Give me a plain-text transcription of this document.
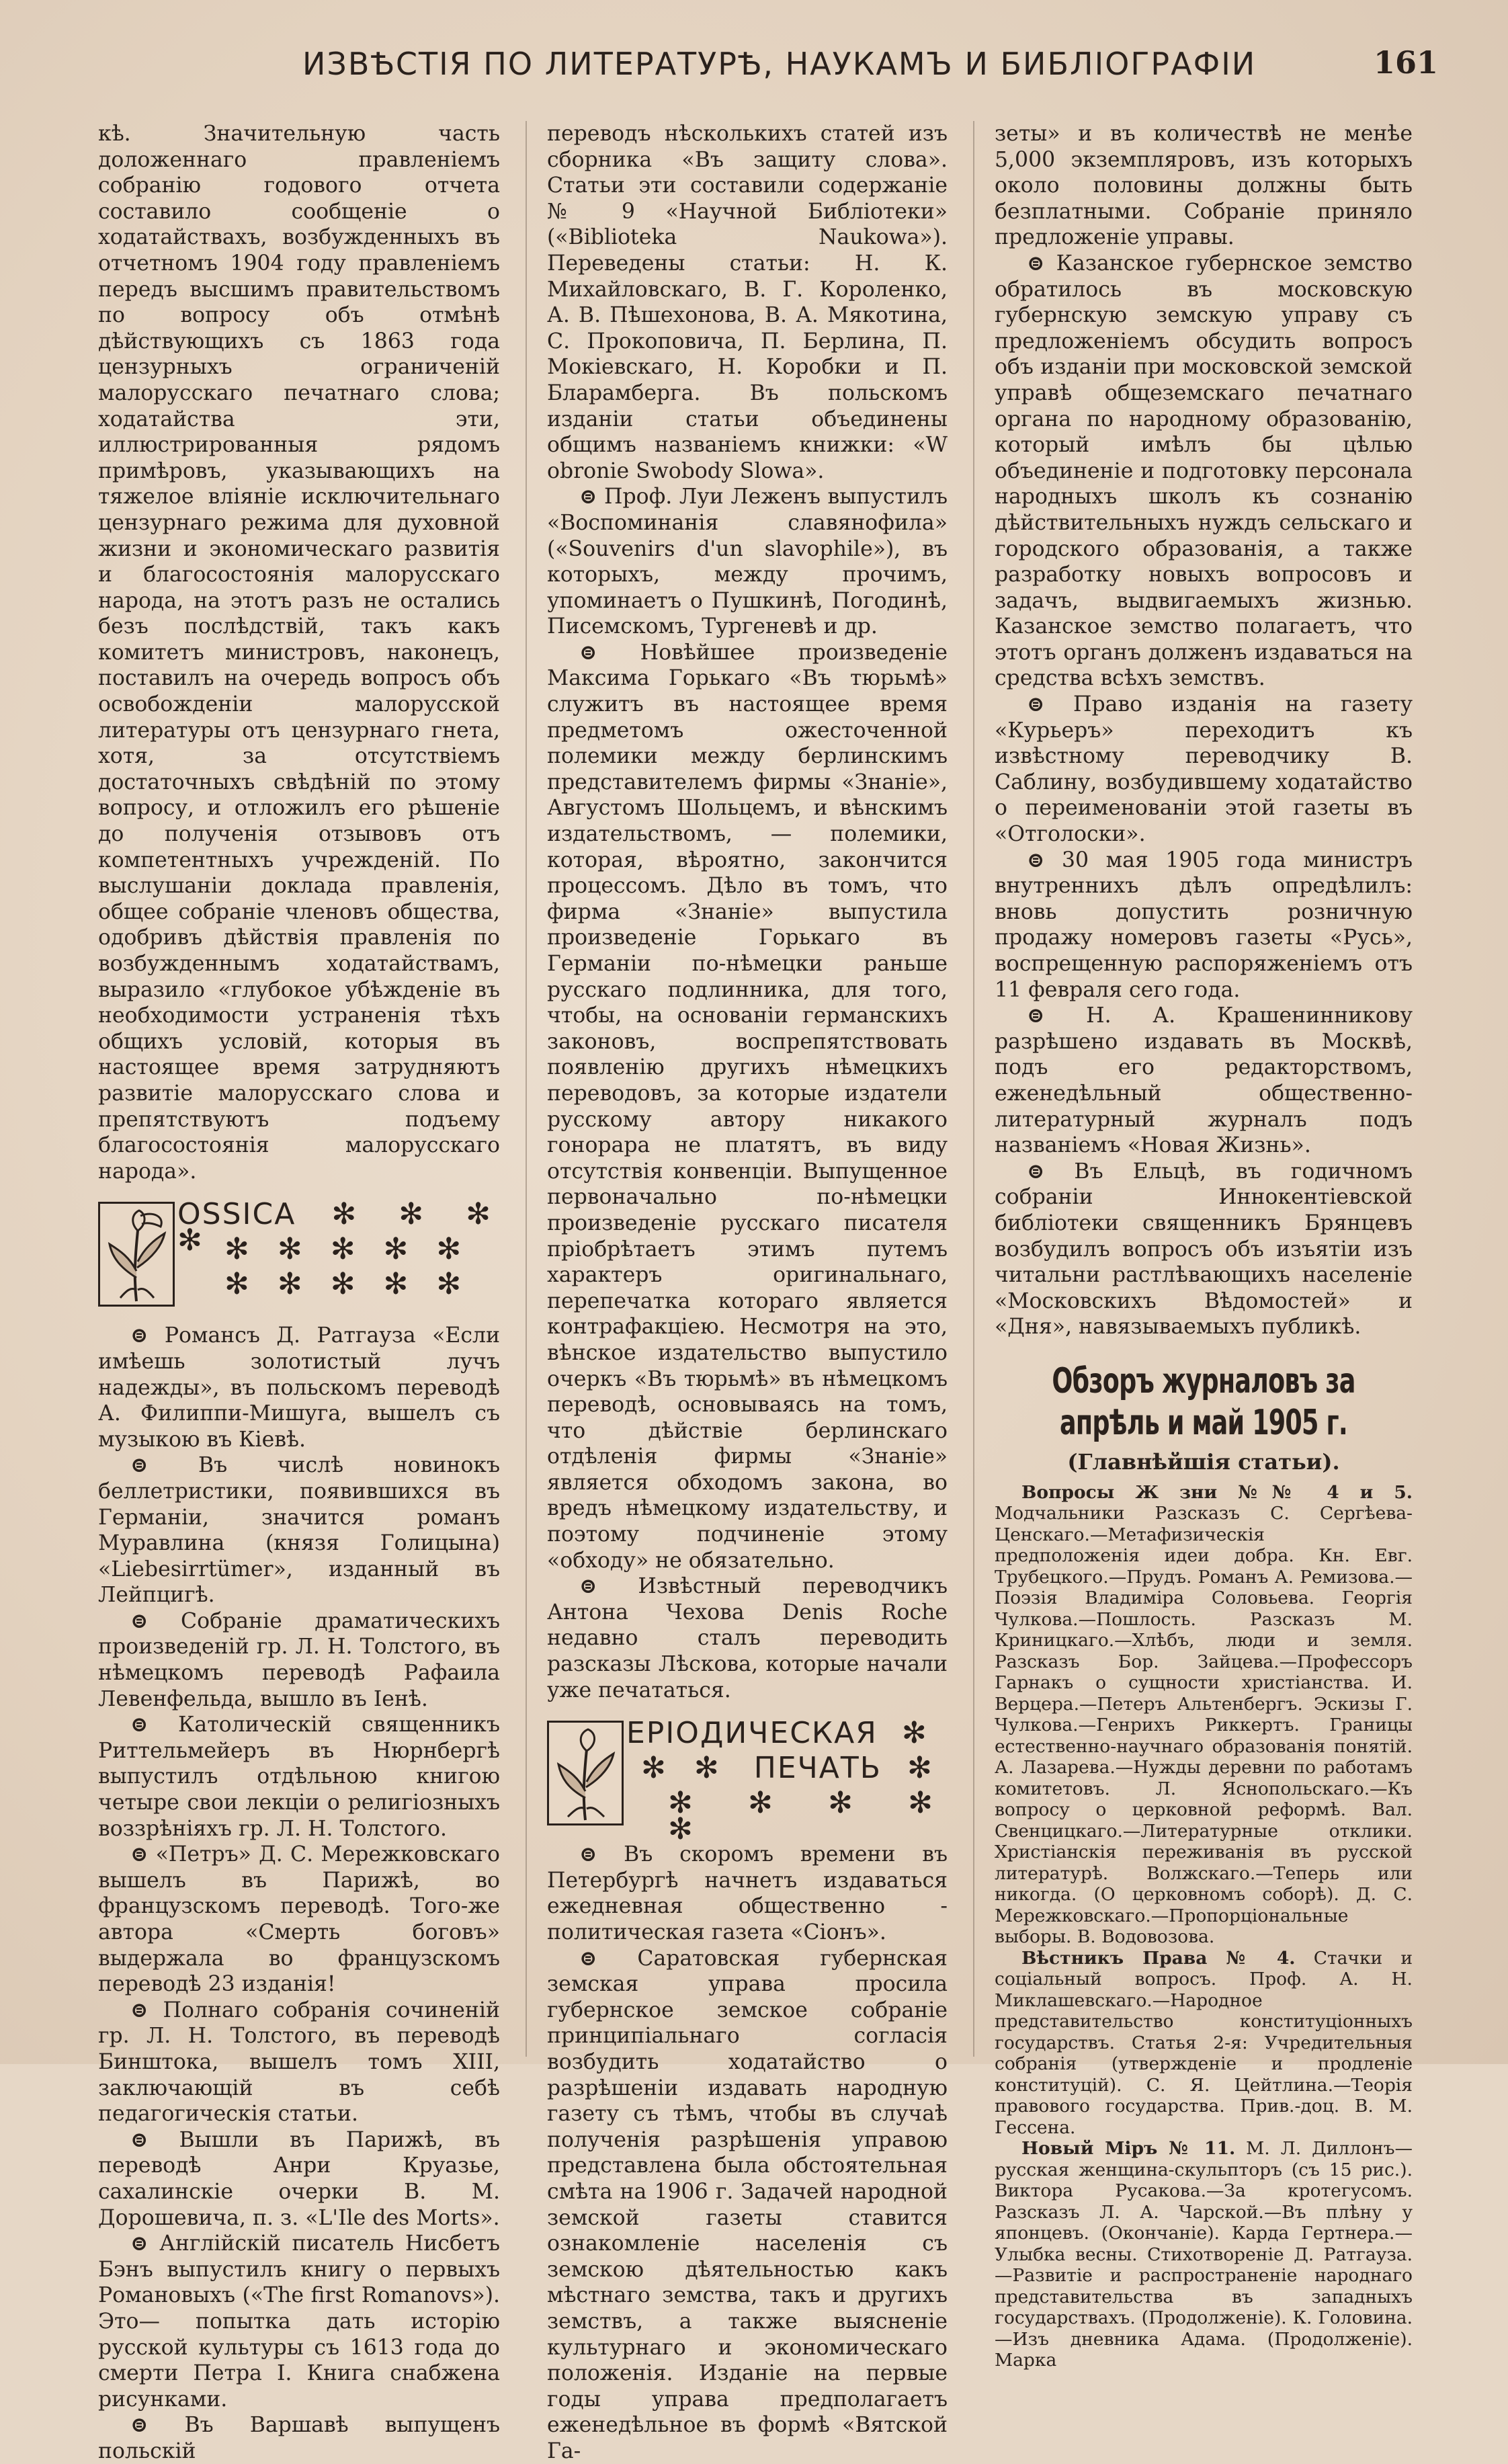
ИЗВѢСТІЯ ПО ЛИТЕРАТУРѢ, НАУКАМЪ И БИБЛІОГРАФІИ	161

кѣ. Значительную часть доложеннаго правленіемъ собранію годового отчета составило сообщеніе о ходатайствахъ, возбужденныхъ въ отчетномъ 1904 году правленіемъ передъ высшимъ правительствомъ по вопросу объ отмѣнѣ дѣйствующихъ съ 1863 года цензурныхъ ограниченій малорусскаго печатнаго слова; ходатайства эти, иллюстрированныя рядомъ примѣровъ, указывающихъ на тяжелое вліяніе исключительнаго цензурнаго режима для духовной жизни и экономическаго развитія и благосостоянія малорусскаго народа, на этотъ разъ не остались безъ послѣдствій, такъ какъ комитетъ министровъ, наконецъ, поставилъ на очередь вопросъ объ освобожденіи малорусской литературы отъ цензурнаго гнета, хотя, за отсутствіемъ достаточныхъ свѣдѣній по этому вопросу, и отложилъ его рѣшеніе до полученія отзывовъ отъ компетентныхъ учрежденій. По выслушаніи доклада правленія, общее собраніе членовъ общества, одобривъ дѣйствія правленія по возбужденнымъ ходатайствамъ, выразило «глубокое убѣжденіе въ необходимости устраненія тѣхъ общихъ условій, которыя въ настоящее время затрудняютъ развитіе малорусскаго слова и препятствуютъ подъему благосостоянія малорусскаго народа».

OSSICA ✻ ✻ ✻ ✻ ✻ ✻ ✻ ✻ ✻
✻ ✻ ✻ ✻ ✻

⊜ Романсъ Д. Ратгауза «Если имѣешь золотистый лучъ надежды», въ польскомъ переводѣ А. Филиппи-Мишуга, вышелъ съ музыкою въ Кіевѣ.

⊜ Въ числѣ новинокъ беллетристики, появившихся въ Германіи, значится романъ Муравлина (князя Голицына) «Liebesirrtümer», изданный въ Лейпцигѣ.

⊜ Собраніе драматическихъ произведеній гр. Л. Н. Толстого, въ нѣмецкомъ переводѣ Рафаила Левенфельда, вышло въ Іенѣ.

⊜ Католическій священникъ Риттельмейеръ въ Нюрнбергѣ выпустилъ отдѣльною книгою четыре свои лекціи о религіозныхъ воззрѣніяхъ гр. Л. Н. Толстого.

⊜ «Петръ» Д. С. Мережковскаго вышелъ въ Парижѣ, во французскомъ переводѣ. Того-же автора «Смерть боговъ» выдержала во французскомъ переводѣ 23 изданія!

⊜ Полнаго собранія сочиненій гр. Л. Н. Толстого, въ переводѣ Бинштока, вышелъ томъ XIII, заключающій въ себѣ педагогическія статьи.

⊜ Вышли въ Парижѣ, въ переводѣ Анри Круазье, сахалинскіе очерки В. М. Дорошевича, п. з. «L'Ile des Morts».

⊜ Англійскій писатель Нисбетъ Бэнъ выпустилъ книгу о первыхъ Романовыхъ («The first Romanovs»). Это— попытка дать исторію русской культуры съ 1613 года до смерти Петра I. Книга снабжена рисунками.

⊜ Въ Варшавѣ выпущенъ польскій

переводъ нѣсколькихъ статей изъ сборника «Въ защиту слова». Статьи эти составили содержаніе № 9 «Научной Библіотеки» («Biblioteka Naukowa»). Переведены статьи: Н. К. Михайловскаго, В. Г. Короленко, А. В. Пѣшехонова, В. А. Мякотина, С. Прокоповича, П. Берлина, П. Мокіевскаго, Н. Коробки и П. Бларамберга. Въ польскомъ изданіи статьи объединены общимъ названіемъ книжки: «W obronie Swobody Slowa».

⊜ Проф. Луи Леженъ выпустилъ «Воспоминанія славянофила» («Souvenirs d'un slavophile»), въ которыхъ, между прочимъ, упоминаетъ о Пушкинѣ, Погодинѣ, Писемскомъ, Тургеневѣ и др.

⊜ Новѣйшее произведеніе Максима Горькаго «Въ тюрьмѣ» служитъ въ настоящее время предметомъ ожесточенной полемики между берлинскимъ представителемъ фирмы «Знаніе», Августомъ Шольцемъ, и вѣнскимъ издательствомъ, — полемики, которая, вѣроятно, закончится процессомъ. Дѣло въ томъ, что фирма «Знаніе» выпустила произведеніе Горькаго въ Германіи по-нѣмецки раньше русскаго подлинника, для того, чтобы, на основаніи германскихъ законовъ, воспрепятствовать появленію другихъ нѣмецкихъ переводовъ, за которые издатели русскому автору никакого гонорара не платятъ, въ виду отсутствія конвенціи. Выпущенное первоначально по-нѣмецки произведеніе русскаго писателя пріобрѣтаетъ этимъ путемъ характеръ оригинальнаго, перепечатка котораго является контрафакціею. Несмотря на это, вѣнское издательство выпустило очеркъ «Въ тюрьмѣ» въ нѣмецкомъ переводѣ, основываясь на томъ, что дѣйствіе берлинскаго отдѣленія фирмы «Знаніе» является обходомъ закона, во вредъ нѣмецкому издательству, и поэтому подчиненіе этому «обходу» не обязательно.

⊜ Извѣстный переводчикъ Антона Чехова Denis Roche недавно сталъ переводить разсказы Лѣскова, которые начали уже печататься.

ЕРІОДИЧЕСКАЯ ✻
✻ ✻ ПЕЧАТЬ ✻
✻ ✻ ✻ ✻ ✻

⊜ Въ скоромъ времени въ Петербургѣ начнетъ издаваться ежедневная общественно - политическая газета «Сіонъ».

⊜ Саратовская губернская земская управа просила губернское земское собраніе принципіальнаго согласія возбудить ходатайство о разрѣшеніи издавать народную газету съ тѣмъ, чтобы въ случаѣ полученія разрѣшенія управою представлена была обстоятельная смѣта на 1906 г. Задачей народной земской газеты ставится ознакомленіе населенія съ земскою дѣятельностью какъ мѣстнаго земства, такъ и другихъ земствъ, а также выясненіе культурнаго и экономическаго положенія. Изданіе на первые годы управа предполагаетъ еженедѣльное въ формѣ «Вятской Га-

зеты» и въ количествѣ не менѣе 5,000 экземпляровъ, изъ которыхъ около половины должны быть безплатными. Собраніе приняло предложеніе управы.

⊜ Казанское губернское земство обратилось въ московскую губернскую земскую управу съ предложеніемъ обсудить вопросъ объ изданіи при московской земской управѣ общеземскаго печатнаго органа по народному образованію, который имѣлъ бы цѣлью объединеніе и подготовку персонала народныхъ школъ къ сознанію дѣйствительныхъ нуждъ сельскаго и городского образованія, а также разработку новыхъ вопросовъ и задачъ, выдвигаемыхъ жизнью. Казанское земство полагаетъ, что этотъ органъ долженъ издаваться на средства всѣхъ земствъ.

⊜ Право изданія на газету «Курьеръ» переходитъ къ извѣстному переводчику В. Саблину, возбудившему ходатайство о переименованіи этой газеты въ «Отголоски».

⊜ 30 мая 1905 года министръ внутреннихъ дѣлъ опредѣлилъ: вновь допустить розничную продажу номеровъ газеты «Русь», воспрещенную распоряженіемъ отъ 11 февраля сего года.

⊜ Н. А. Крашенинникову разрѣшено издавать въ Москвѣ, подъ его редакторствомъ, еженедѣльный общественно-литературный журналъ подъ названіемъ «Новая Жизнь».

⊜ Въ Ельцѣ, въ годичномъ собраніи Иннокентіевской библіотеки священникъ Брянцевъ возбудилъ вопросъ объ изъятіи изъ читальни растлѣвающихъ населеніе «Московскихъ Вѣдомостей» и «Дня», навязываемыхъ публикѣ.

Обзоръ журналовъ за апрѣль и май 1905 г.
(Главнѣйшія статьи).

Вопросы Ж зни №№ 4 и 5. Модчальники Разсказъ С. Сергѣева-Ценскаго.—Метафизическія предположенія идеи добра. Кн. Евг. Трубецкого.—Прудъ. Романъ А. Ремизова.—Поэзія Владиміра Соловьева. Георгія Чулкова.—Пошлость. Разсказъ М. Криницкаго.—Хлѣбъ, люди и земля. Разсказъ Бор. Зайцева.—Профессоръ Гарнакъ о сущности христіанства. И. Верцера.—Петеръ Альтенбергъ. Эскизы Г. Чулкова.—Генрихъ Риккертъ. Границы естественно-научнаго образованія понятій. А. Лазарева.—Нужды деревни по работамъ комитетовъ. Л. Яснопольскаго.—Къ вопросу о церковной реформѣ. Вал. Свенцицкаго.—Литературные отклики. Христіанскія переживанія въ русской литературѣ. Волжскаго.—Теперь или никогда. (О церковномъ соборѣ). Д. С. Мережковскаго.—Пропорціональные выборы. В. Водовозова.

Вѣстникъ Права № 4. Стачки и соціальный вопросъ. Проф. А. Н. Миклашевскаго.—Народное представительство конституціонныхъ государствъ. Статья 2-я: Учредительныя собранія (утвержденіе и продленіе конституцій). С. Я. Цейтлина.—Теорія правового государства. Прив.-доц. В. М. Гессена.

Новый Міръ № 11. М. Л. Диллонъ—русская женщина-скульпторъ (съ 15 рис.). Виктора Русакова.—За кротегусомъ. Разсказъ Л. А. Чарской.—Въ плѣну у японцевъ. (Окончаніе). Карда Гертнера.—Улыбка весны. Стихотвореніе Д. Ратгауза.—Развитіе и распространеніе народнаго представительства въ западныхъ государствахъ. (Продолженіе). К. Головина.—Изъ дневника Адама. (Продолженіе). Марка
